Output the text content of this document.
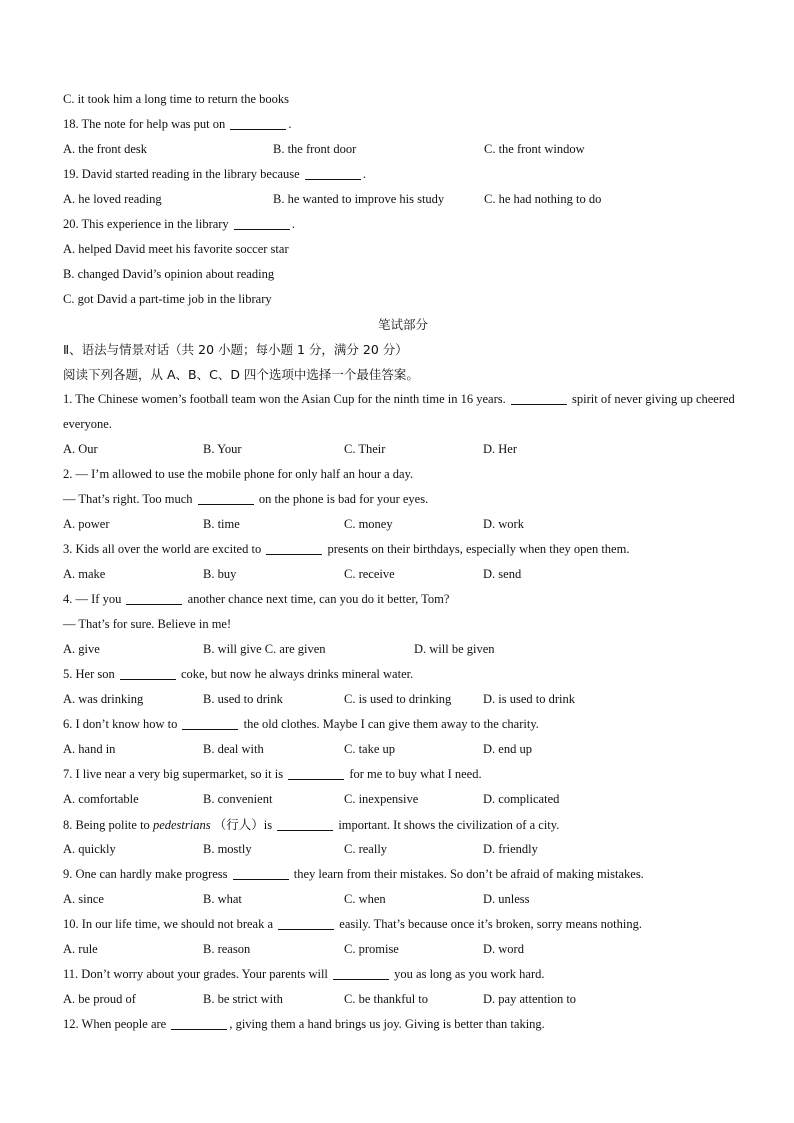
C. it took him a long time to return the books
18. The note for help was put on	.
A. the front desk	B. the front door	C. the front window
19. David started reading in the library because	.
A. he loved reading	B. he wanted to improve his study	C. he had nothing to do
20. This experience in the library	.
A. helped David meet his favorite soccer star
B. changed David’s opinion about reading
C. got David a part-time job in the library
笔试部分
Ⅱ、语法与情景对话（共 20 小题；每小题 1 分，满分 20 分）
阅读下列各题，从 A、B、C、D 四个选项中选择一个最佳答案。
1. The Chinese women’s football team won the Asian Cup for the ninth time in 16 years.	spirit of never giving up cheered everyone.
A. Our	B. Your	C. Their	D. Her
2. — I’m allowed to use the mobile phone for only half an hour a day.
— That’s right. Too much	on the phone is bad for your eyes.
A. power	B. time	C. money	D. work
3. Kids all over the world are excited to	presents on their birthdays, especially when they open them.
A. make	B. buy	C. receive	D. send
4. — If you	another chance next time, can you do it better, Tom?
— That’s for sure. Believe in me!
A. give	B. will give C. are given	D. will be given
5. Her son	coke, but now he always drinks mineral water.
A. was drinking	B. used to drink	C. is used to drinking	D. is used to drink
6. I don’t know how to	the old clothes. Maybe I can give them away to the charity.
A. hand in	B. deal with	C. take up	D. end up
7. I live near a very big supermarket, so it is	for me to buy what I need.
A. comfortable	B. convenient	C. inexpensive	D. complicated
8. Being polite to pedestrians （行人）is	important. It shows the civilization of a city.
A. quickly	B. mostly	C. really	D. friendly
9. One can hardly make progress	they learn from their mistakes. So don’t be afraid of making mistakes.
A. since	B. what	C. when	D. unless
10. In our life time, we should not break a	easily. That’s because once it’s broken, sorry means nothing.
A. rule	B. reason	C. promise	D. word
11. Don’t worry about your grades. Your parents will	you as long as you work hard.
A. be proud of	B. be strict with	C. be thankful to	D. pay attention to
12. When people are	, giving them a hand brings us joy. Giving is better than taking.
